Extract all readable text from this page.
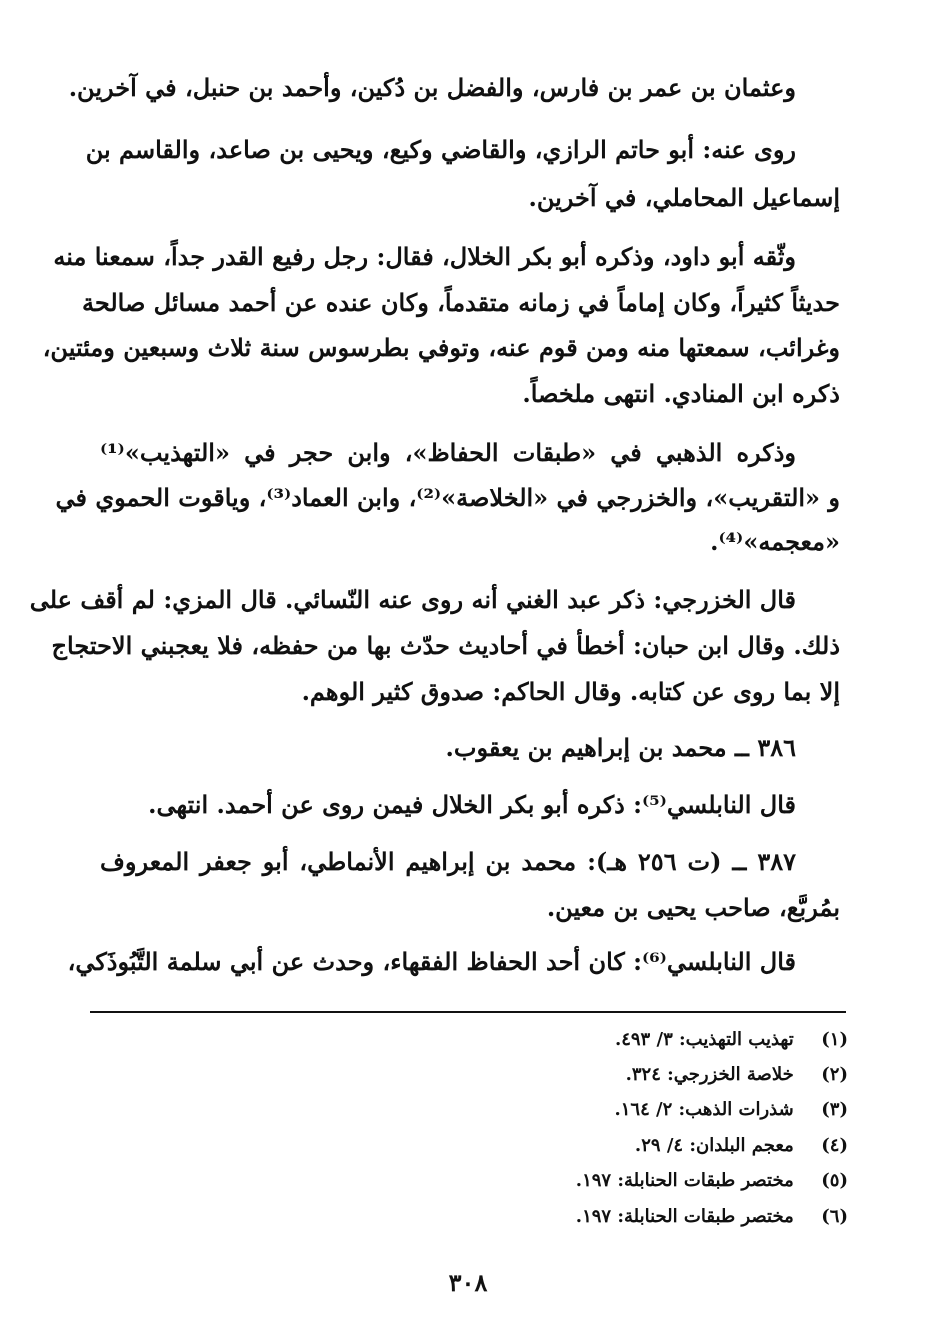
وعثمان بن عمر بن فارس، والفضل بن دُكين، وأحمد بن حنبل، في آخرين.
روى عنه: أبو حاتم الرازي، والقاضي وكيع، ويحيى بن صاعد، والقاسم بن
إسماعيل المحاملي، في آخرين.
وثّقه أبو داود، وذكره أبو بكر الخلال، فقال: رجل رفيع القدر جداً، سمعنا منه
حديثاً كثيراً، وكان إماماً في زمانه متقدماً، وكان عنده عن أحمد مسائل صالحة
وغرائب، سمعتها منه ومن قوم عنه، وتوفي بطرسوس سنة ثلاث وسبعين ومئتين،
ذكره ابن المنادي. انتهى ملخصاً.
وذكره الذهبي في «طبقات الحفاظ»، وابن حجر في «التهذيب»⁽¹⁾
و «التقريب»، والخزرجي في «الخلاصة»⁽²⁾، وابن العماد⁽³⁾، وياقوت الحموي في
«معجمه»⁽⁴⁾.
قال الخزرجي: ذكر عبد الغني أنه روى عنه النّسائي. قال المزي: لم أقف على
ذلك. وقال ابن حبان: أخطأ في أحاديث حدّث بها من حفظه، فلا يعجبني الاحتجاج
إلا بما روى عن كتابه. وقال الحاكم: صدوق كثير الوهم.
٣٨٦ ــ محمد بن إبراهيم بن يعقوب.
قال النابلسي⁽⁵⁾: ذكره أبو بكر الخلال فيمن روى عن أحمد. انتهى.
٣٨٧ ــ (ت ٢٥٦ هـ): محمد بن إبراهيم الأنماطي، أبو جعفر المعروف
بمُربَّع، صاحب يحيى بن معين.
قال النابلسي⁽⁶⁾: كان أحد الحفاظ الفقهاء، وحدث عن أبي سلمة التَّبُوذَكي،
(١) تهذيب التهذيب: ٣/ ٤٩٣.
(٢) خلاصة الخزرجي: ٣٢٤.
(٣) شذرات الذهب: ٢/ ١٦٤.
(٤) معجم البلدان: ٤/ ٢٩.
(٥) مختصر طبقات الحنابلة: ١٩٧.
(٦) مختصر طبقات الحنابلة: ١٩٧.
٣٠٨
